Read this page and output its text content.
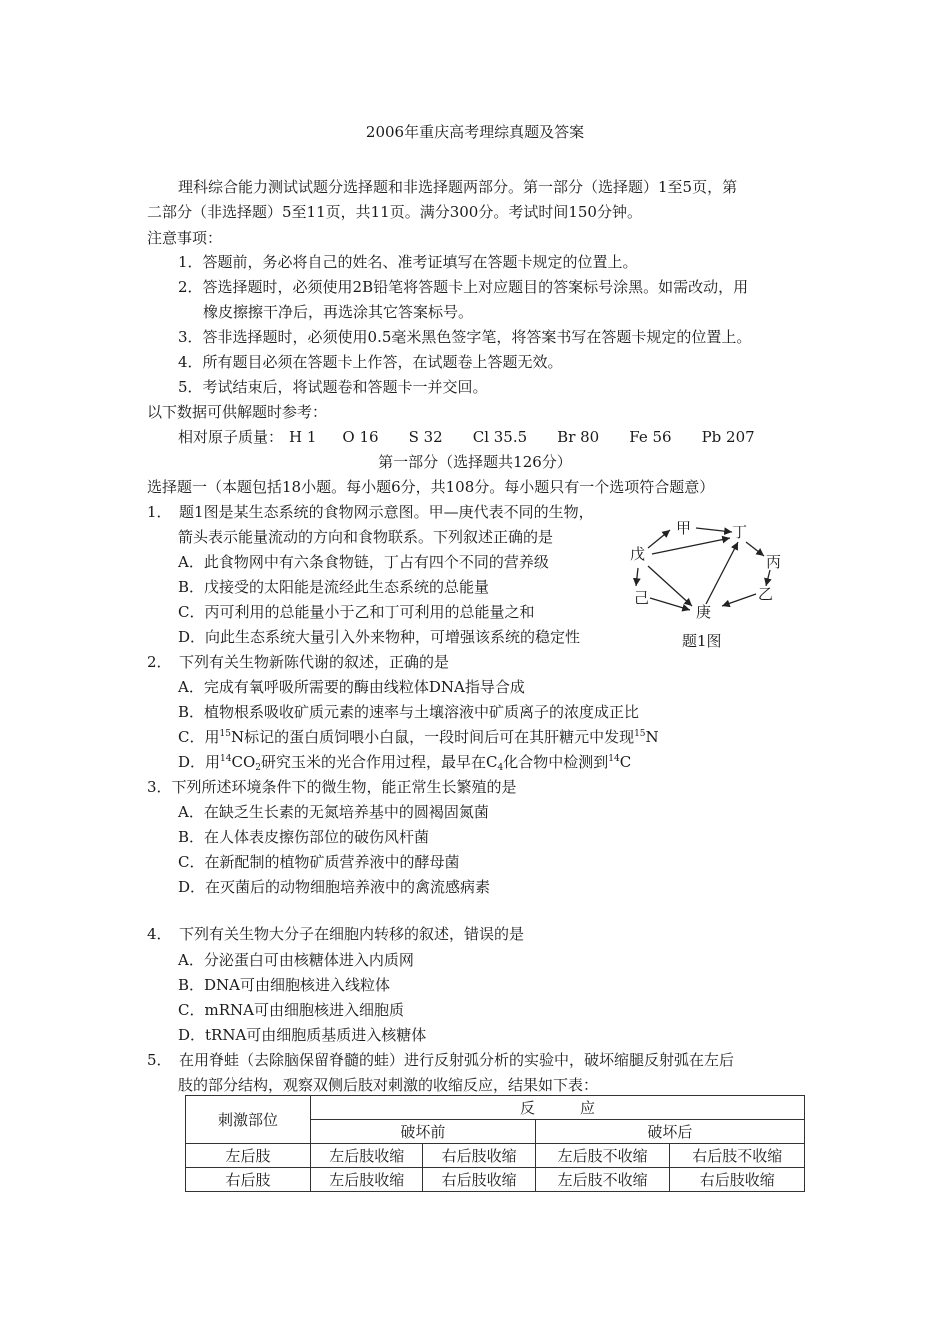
2006年重庆高考理综真题及答案
理科综合能力测试试题分选择题和非选择题两部分。第一部分（选择题）1至5页，第
二部分（非选择题）5至11页，共11页。满分300分。考试时间150分钟。
注意事项：
1．答题前，务必将自己的姓名、准考证填写在答题卡规定的位置上。
2．答选择题时，必须使用2B铅笔将答题卡上对应题目的答案标号涂黑。如需改动，用
橡皮擦擦干净后，再选涂其它答案标号。
3．答非选择题时，必须使用0.5毫米黑色签字笔，将答案书写在答题卡规定的位置上。
4．所有题目必须在答题卡上作答，在试题卷上答题无效。
5．考试结束后，将试题卷和答题卡一并交回。
以下数据可供解题时参考：
相对原子质量： H 1 O 16 S 32 Cl 35.5 Br 80 Fe 56 Pb 207
第一部分（选择题共126分）
选择题一（本题包括18小题。每小题6分，共108分。每小题只有一个选项符合题意）
1．　题1图是某生态系统的食物网示意图。甲—庚代表不同的生物，
箭头表示能量流动的方向和食物联系。下列叙述正确的是
A．此食物网中有六条食物链，丁占有四个不同的营养级
B．戊接受的太阳能是流经此生态系统的总能量
C．丙可利用的总能量小于乙和丁可利用的总能量之和
D．向此生态系统大量引入外来物种，可增强该系统的稳定性
甲	丁
戊	丙
己	乙
庚
题1图
2．　下列有关生物新陈代谢的叙述，正确的是
A．完成有氧呼吸所需要的酶由线粒体DNA指导合成
B．植物根系吸收矿质元素的速率与土壤溶液中矿质离子的浓度成正比
C．用$^{15}$N标记的蛋白质饲喂小白鼠，一段时间后可在其肝糖元中发现$^{15}$N
D．用$^{14}CO_2$研究玉米的光合作用过程，最早在$C_4$化合物中检测到$^{14}$C
3．下列所述环境条件下的微生物，能正常生长繁殖的是
A．在缺乏生长素的无氮培养基中的圆褐固氮菌
B．在人体表皮擦伤部位的破伤风杆菌
C．在新配制的植物矿质营养液中的酵母菌
D．在灭菌后的动物细胞培养液中的禽流感病素
4．　下列有关生物大分子在细胞内转移的叙述，错误的是
A．分泌蛋白可由核糖体进入内质网
B．DNA可由细胞核进入线粒体
C．mRNA可由细胞核进入细胞质
D．tRNA可由细胞质基质进入核糖体
5．　在用脊蛙（去除脑保留脊髓的蛙）进行反射弧分析的实验中，破坏缩腿反射弧在左后
肢的部分结构，观察双侧后肢对刺激的收缩反应，结果如下表：
刺激部位	反　　　应			
	破坏前		破坏后	
左后肢	左后肢收缩	右后肢收缩	左后肢不收缩	右后肢不收缩
右后肢	左后肢收缩	右后肢收缩	左后肢不收缩	右后肢收缩
